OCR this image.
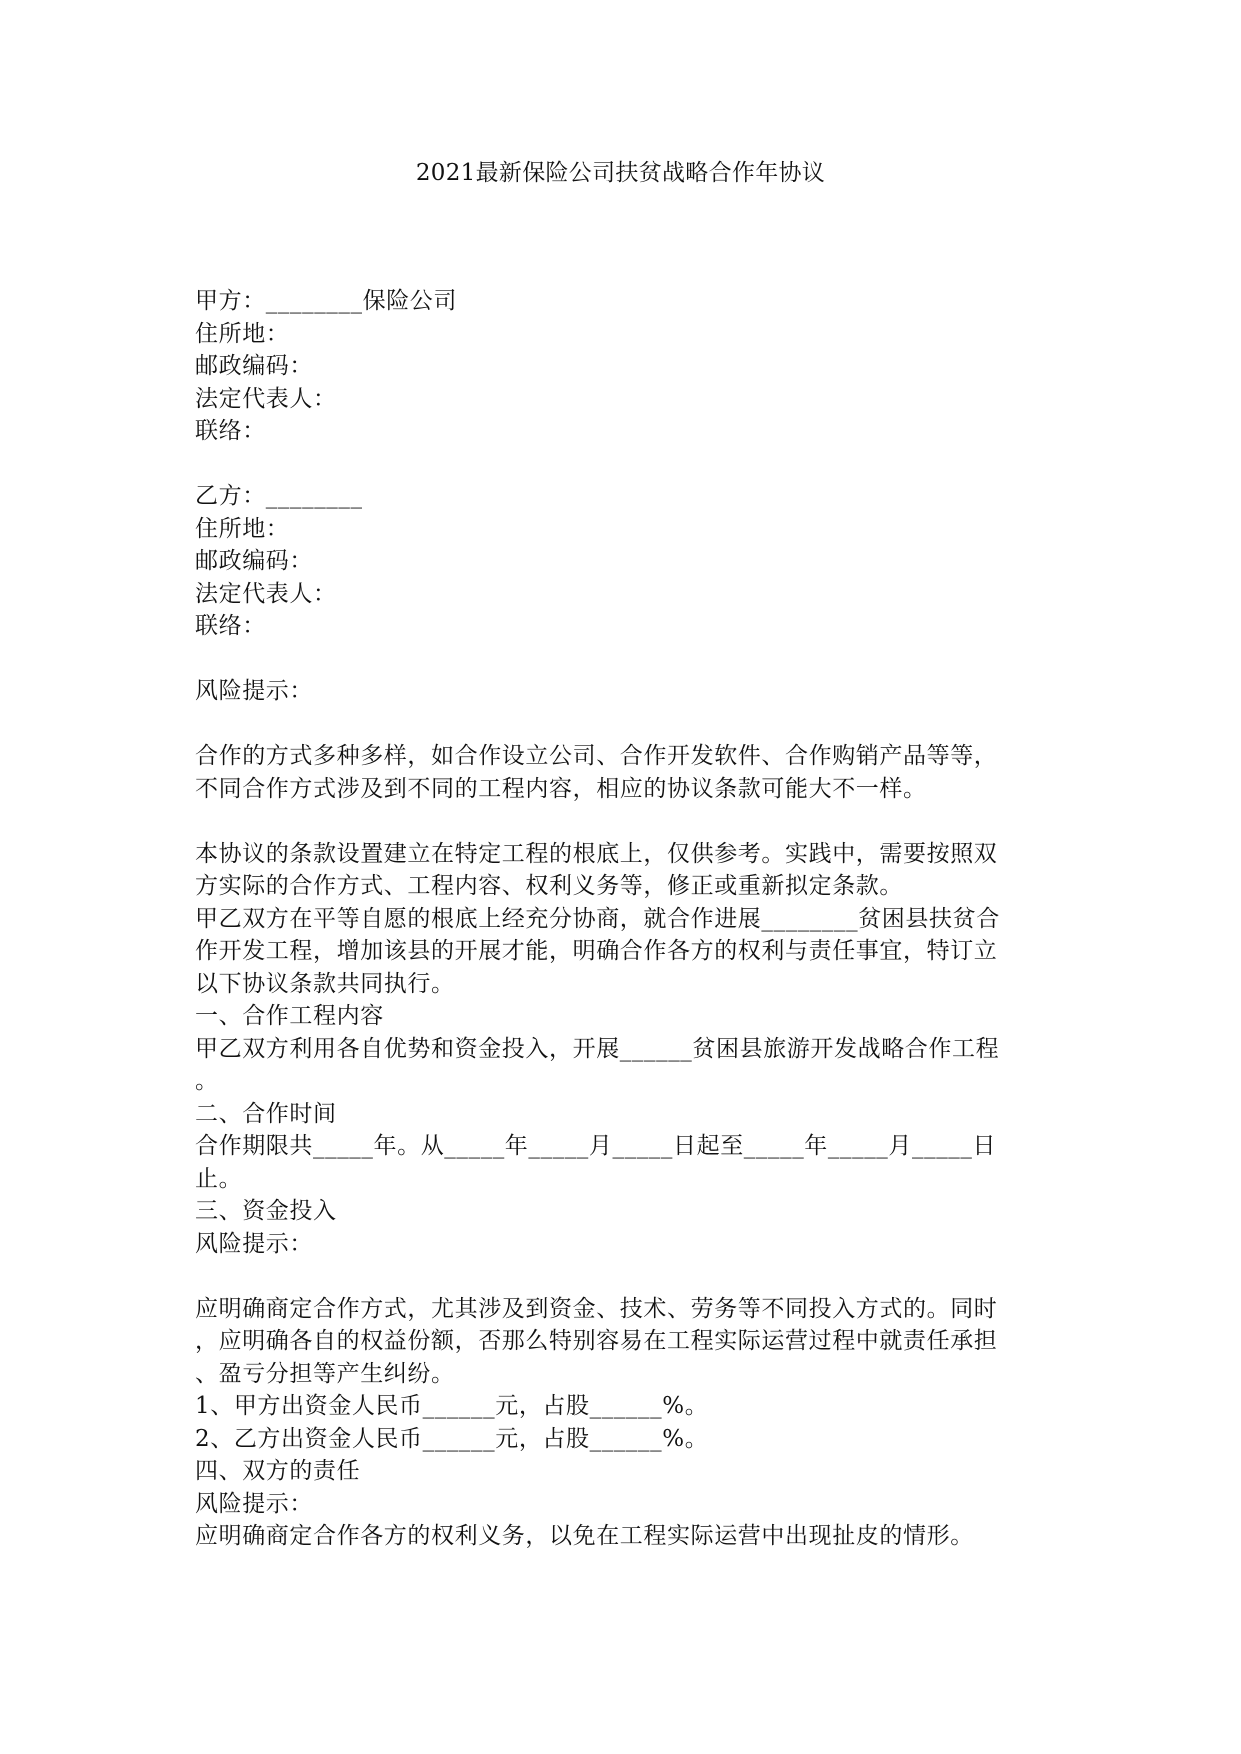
2021最新保险公司扶贫战略合作年协议
甲方：________保险公司
住所地：
邮政编码：
法定代表人：
联络：
乙方：________
住所地：
邮政编码：
法定代表人：
联络：
风险提示：
合作的方式多种多样，如合作设立公司、合作开发软件、合作购销产品等等，
不同合作方式涉及到不同的工程内容，相应的协议条款可能大不一样。
本协议的条款设置建立在特定工程的根底上，仅供参考。实践中，需要按照双
方实际的合作方式、工程内容、权利义务等，修正或重新拟定条款。
甲乙双方在平等自愿的根底上经充分协商，就合作进展________贫困县扶贫合
作开发工程，增加该县的开展才能，明确合作各方的权利与责任事宜，特订立
以下协议条款共同执行。
一、合作工程内容
甲乙双方利用各自优势和资金投入，开展______贫困县旅游开发战略合作工程
。
二、合作时间
合作期限共_____年。从_____年_____月_____日起至_____年_____月_____日
止。
三、资金投入
风险提示：
应明确商定合作方式，尤其涉及到资金、技术、劳务等不同投入方式的。同时
，应明确各自的权益份额，否那么特别容易在工程实际运营过程中就责任承担
、盈亏分担等产生纠纷。
1、甲方出资金人民币______元，占股______%。
2、乙方出资金人民币______元，占股______%。
四、双方的责任
风险提示：
应明确商定合作各方的权利义务，以免在工程实际运营中出现扯皮的情形。
